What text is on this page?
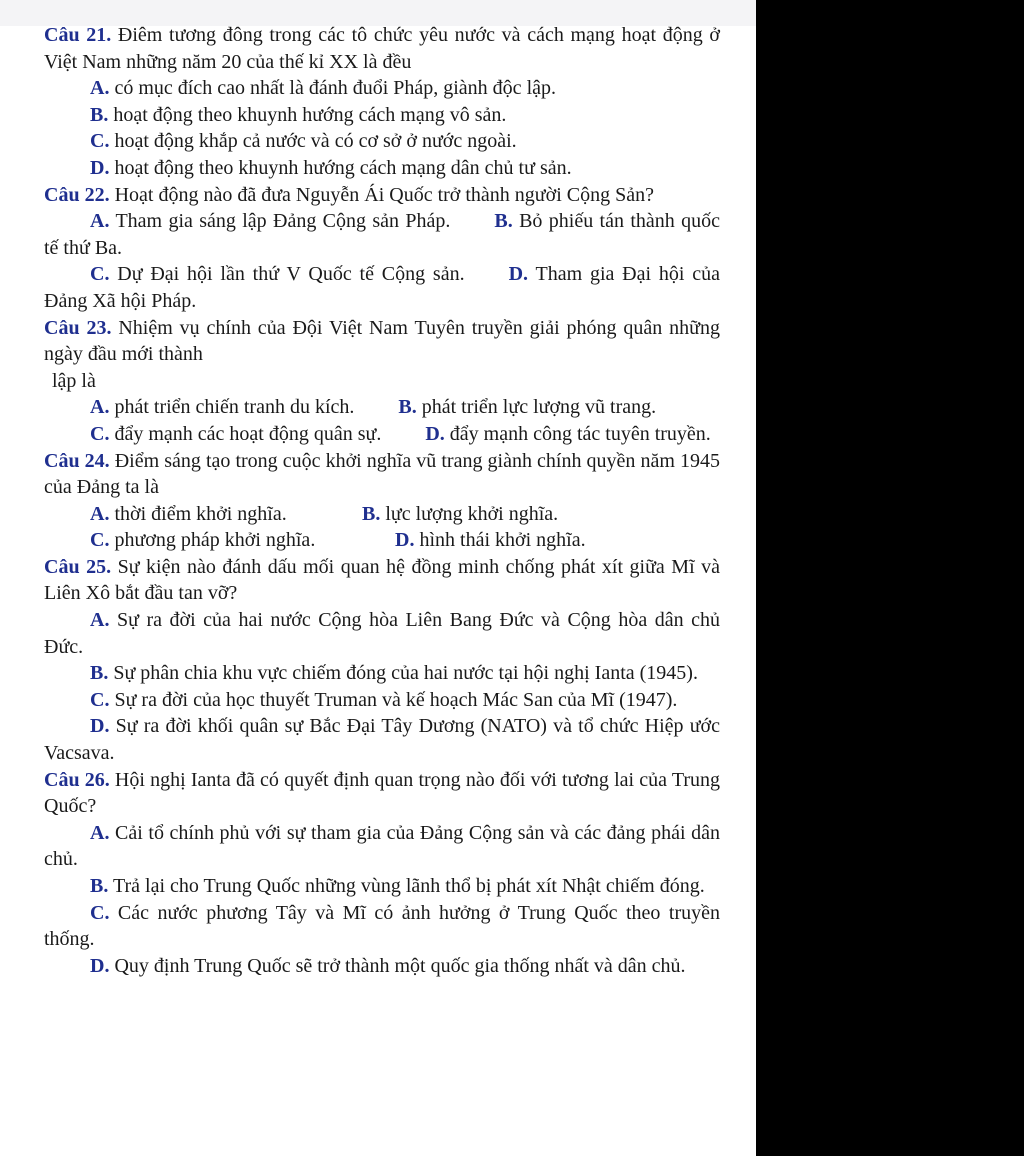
Câu 21. Điêm tương đông trong các tô chức yêu nước và cách mạng hoạt động ở Việt Nam những năm 20 của thế kỉ XX là đều

A. có mục đích cao nhất là đánh đuổi Pháp, giành độc lập.

B. hoạt động theo khuynh hướng cách mạng vô sản.

C. hoạt động khắp cả nước và có cơ sở ở nước ngoài.

D. hoạt động theo khuynh hướng cách mạng dân chủ tư sản.

Câu 22. Hoạt động nào đã đưa Nguyễn Ái Quốc trở thành người Cộng Sản?

A. Tham gia sáng lập Đảng Cộng sản Pháp. B. Bỏ phiếu tán thành quốc tế thứ Ba.

C. Dự Đại hội lần thứ V Quốc tế Cộng sản. D. Tham gia Đại hội của Đảng Xã hội Pháp.

Câu 23. Nhiệm vụ chính của Đội Việt Nam Tuyên truyền giải phóng quân những ngày đầu mới thành

lập là

A. phát triển chiến tranh du kích. B. phát triển lực lượng vũ trang.

C. đẩy mạnh các hoạt động quân sự. D. đẩy mạnh công tác tuyên truyền.

Câu 24. Điểm sáng tạo trong cuộc khởi nghĩa vũ trang giành chính quyền năm 1945 của Đảng ta là

A. thời điểm khởi nghĩa.	B. lực lượng khởi nghĩa.
C. phương pháp khởi nghĩa.	D. hình thái khởi nghĩa.

Câu 25. Sự kiện nào đánh dấu mối quan hệ đồng minh chống phát xít giữa Mĩ và Liên Xô bắt đầu tan vỡ?

A. Sự ra đời của hai nước Cộng hòa Liên Bang Đức và Cộng hòa dân chủ Đức.

B. Sự phân chia khu vực chiếm đóng của hai nước tại hội nghị Ianta (1945).

C. Sự ra đời của học thuyết Truman và kế hoạch Mác San của Mĩ (1947).

D. Sự ra đời khối quân sự Bắc Đại Tây Dương (NATO) và tổ chức Hiệp ước Vacsava.

Câu 26. Hội nghị Ianta đã có quyết định quan trọng nào đối với tương lai của Trung Quốc?

A. Cải tổ chính phủ với sự tham gia của Đảng Cộng sản và các đảng phái dân chủ.

B. Trả lại cho Trung Quốc những vùng lãnh thổ bị phát xít Nhật chiếm đóng.

C. Các nước phương Tây và Mĩ có ảnh hưởng ở Trung Quốc theo truyền thống.

D. Quy định Trung Quốc sẽ trở thành một quốc gia thống nhất và dân chủ.
